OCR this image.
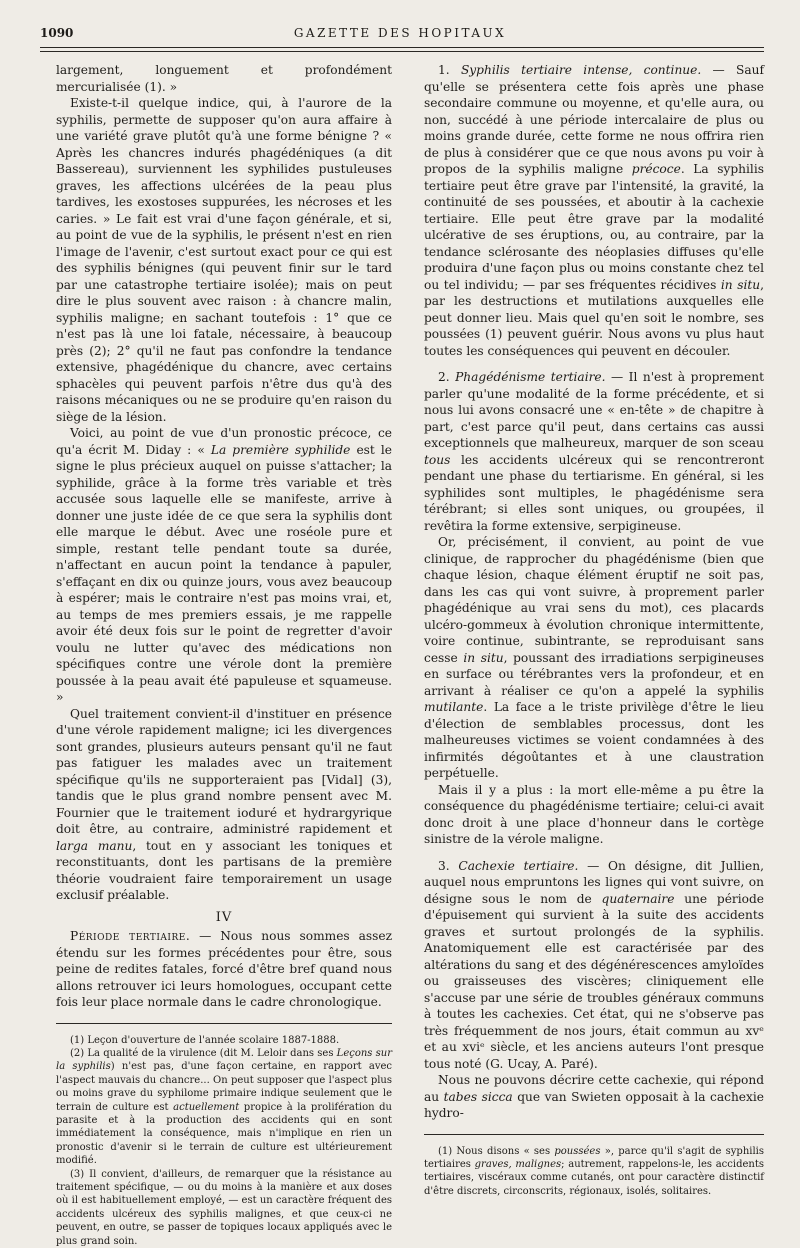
1090	GAZETTE DES HOPITAUX

largement, longuement et profondément mercurialisée (1). »

Existe-t-il quelque indice, qui, à l'aurore de la syphilis, permette de supposer qu'on aura affaire à une variété grave plutôt qu'à une forme bénigne ? « Après les chancres indurés phagédéniques (a dit Bassereau), surviennent les syphilides pustuleuses graves, les affections ulcérées de la peau plus tardives, les exostoses suppurées, les nécroses et les caries. » Le fait est vrai d'une façon générale, et si, au point de vue de la syphilis, le présent n'est en rien l'image de l'avenir, c'est surtout exact pour ce qui est des syphilis bénignes (qui peuvent finir sur le tard par une catastrophe tertiaire isolée); mais on peut dire le plus souvent avec raison : à chancre malin, syphilis maligne; en sachant toutefois : 1° que ce n'est pas là une loi fatale, nécessaire, à beaucoup près (2); 2° qu'il ne faut pas confondre la tendance extensive, phagédénique du chancre, avec certains sphacèles qui peuvent parfois n'être dus qu'à des raisons mécaniques ou ne se produire qu'en raison du siège de la lésion.

Voici, au point de vue d'un pronostic précoce, ce qu'a écrit M. Diday : « La première syphilide est le signe le plus précieux auquel on puisse s'attacher; la syphilide, grâce à la forme très variable et très accusée sous laquelle elle se manifeste, arrive à donner une juste idée de ce que sera la syphilis dont elle marque le début. Avec une roséole pure et simple, restant telle pendant toute sa durée, n'affectant en aucun point la tendance à papuler, s'effaçant en dix ou quinze jours, vous avez beaucoup à espérer; mais le contraire n'est pas moins vrai, et, au temps de mes premiers essais, je me rappelle avoir été deux fois sur le point de regretter d'avoir voulu ne lutter qu'avec des médications non spécifiques contre une vérole dont la première poussée à la peau avait été papuleuse et squameuse. »

Quel traitement convient-il d'instituer en présence d'une vérole rapidement maligne; ici les divergences sont grandes, plusieurs auteurs pensant qu'il ne faut pas fatiguer les malades avec un traitement spécifique qu'ils ne supporteraient pas [Vidal] (3), tandis que le plus grand nombre pensent avec M. Fournier que le traitement ioduré et hydrargyrique doit être, au contraire, administré rapidement et larga manu, tout en y associant les toniques et reconstituants, dont les partisans de la première théorie voudraient faire temporairement un usage exclusif préalable.

IV

Période tertiaire. — Nous nous sommes assez étendu sur les formes précédentes pour être, sous peine de redites fatales, forcé d'être bref quand nous allons retrouver ici leurs homologues, occupant cette fois leur place normale dans le cadre chronologique.

(1) Leçon d'ouverture de l'année scolaire 1887-1888.

(2) La qualité de la virulence (dit M. Leloir dans ses Leçons sur la syphilis) n'est pas, d'une façon certaine, en rapport avec l'aspect mauvais du chancre... On peut supposer que l'aspect plus ou moins grave du syphilome primaire indique seulement que le terrain de culture est actuellement propice à la prolifération du parasite et à la production des accidents qui en sont immédiatement la conséquence, mais n'implique en rien un pronostic d'avenir si le terrain de culture est ultérieurement modifié.

(3) Il convient, d'ailleurs, de remarquer que la résistance au traitement spécifique, — ou du moins à la manière et aux doses où il est habituellement employé, — est un caractère fréquent des accidents ulcéreux des syphilis malignes, et que ceux-ci ne peuvent, en outre, se passer de topiques locaux appliqués avec le plus grand soin.

1. Syphilis tertiaire intense, continue. — Sauf qu'elle se présentera cette fois après une phase secondaire commune ou moyenne, et qu'elle aura, ou non, succédé à une période intercalaire de plus ou moins grande durée, cette forme ne nous offrira rien de plus à considérer que ce que nous avons pu voir à propos de la syphilis maligne précoce. La syphilis tertiaire peut être grave par l'intensité, la gravité, la continuité de ses poussées, et aboutir à la cachexie tertiaire. Elle peut être grave par la modalité ulcérative de ses éruptions, ou, au contraire, par la tendance sclérosante des néoplasies diffuses qu'elle produira d'une façon plus ou moins constante chez tel ou tel individu; — par ses fréquentes récidives in situ, par les destructions et mutilations auxquelles elle peut donner lieu. Mais quel qu'en soit le nombre, ses poussées (1) peuvent guérir. Nous avons vu plus haut toutes les conséquences qui peuvent en découler.

2. Phagédénisme tertiaire. — Il n'est à proprement parler qu'une modalité de la forme précédente, et si nous lui avons consacré une « en-tête » de chapitre à part, c'est parce qu'il peut, dans certains cas aussi exceptionnels que malheureux, marquer de son sceau tous les accidents ulcéreux qui se rencontreront pendant une phase du tertiarisme. En général, si les syphilides sont multiples, le phagédénisme sera térébrant; si elles sont uniques, ou groupées, il revêtira la forme extensive, serpigineuse.

Or, précisément, il convient, au point de vue clinique, de rapprocher du phagédénisme (bien que chaque lésion, chaque élément éruptif ne soit pas, dans les cas qui vont suivre, à proprement parler phagédénique au vrai sens du mot), ces placards ulcéro-gommeux à évolution chronique intermittente, voire continue, subintrante, se reproduisant sans cesse in situ, poussant des irradiations serpigineuses en surface ou térébrantes vers la profondeur, et en arrivant à réaliser ce qu'on a appelé la syphilis mutilante. La face a le triste privilège d'être le lieu d'élection de semblables processus, dont les malheureuses victimes se voient condamnées à des infirmités dégoûtantes et à une claustration perpétuelle.

Mais il y a plus : la mort elle-même a pu être la conséquence du phagédénisme tertiaire; celui-ci avait donc droit à une place d'honneur dans le cortège sinistre de la vérole maligne.

3. Cachexie tertiaire. — On désigne, dit Jullien, auquel nous empruntons les lignes qui vont suivre, on désigne sous le nom de quaternaire une période d'épuisement qui survient à la suite des accidents graves et surtout prolongés de la syphilis. Anatomiquement elle est caractérisée par des altérations du sang et des dégénérescences amyloïdes ou graisseuses des viscères; cliniquement elle s'accuse par une série de troubles généraux communs à toutes les cachexies. Cet état, qui ne s'observe pas très fréquemment de nos jours, était commun au xvᵉ et au xviᵉ siècle, et les anciens auteurs l'ont presque tous noté (G. Ucay, A. Paré).

Nous ne pouvons décrire cette cachexie, qui répond au tabes sicca que van Swieten opposait à la cachexie hydro-

(1) Nous disons « ses poussées », parce qu'il s'agit de syphilis tertiaires graves, malignes; autrement, rappelons-le, les accidents tertiaires, viscéraux comme cutanés, ont pour caractère distinctif d'être discrets, circonscrits, régionaux, isolés, solitaires.
